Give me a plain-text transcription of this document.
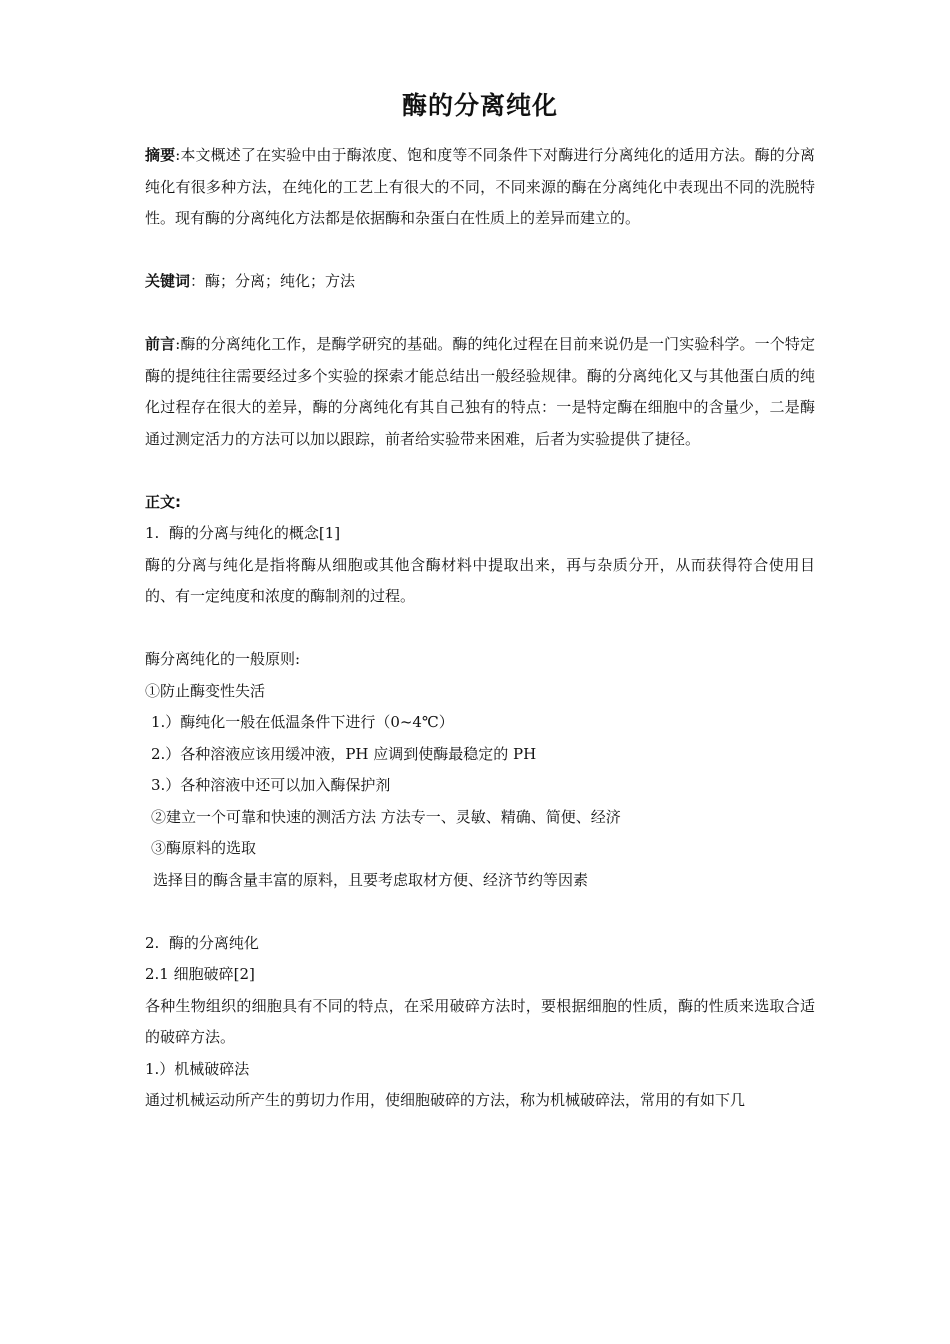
酶的分离纯化

摘要:本文概述了在实验中由于酶浓度、饱和度等不同条件下对酶进行分离纯化的适用方法。酶的分离纯化有很多种方法，在纯化的工艺上有很大的不同，不同来源的酶在分离纯化中表现出不同的洗脱特性。现有酶的分离纯化方法都是依据酶和杂蛋白在性质上的差异而建立的。

关键词：酶；分离；纯化；方法

前言:酶的分离纯化工作，是酶学研究的基础。酶的纯化过程在目前来说仍是一门实验科学。一个特定酶的提纯往往需要经过多个实验的探索才能总结出一般经验规律。酶的分离纯化又与其他蛋白质的纯化过程存在很大的差异，酶的分离纯化有其自己独有的特点：一是特定酶在细胞中的含量少，二是酶通过测定活力的方法可以加以跟踪，前者给实验带来困难，后者为实验提供了捷径。

正文:

1.  酶的分离与纯化的概念[1]

酶的分离与纯化是指将酶从细胞或其他含酶材料中提取出来，再与杂质分开，从而获得符合使用目的、有一定纯度和浓度的酶制剂的过程。

酶分离纯化的一般原则:

①防止酶变性失活

1.）酶纯化一般在低温条件下进行（0~4℃）

2.）各种溶液应该用缓冲液，PH 应调到使酶最稳定的 PH

3.）各种溶液中还可以加入酶保护剂

②建立一个可靠和快速的测活方法 方法专一、灵敏、精确、简便、经济

③酶原料的选取

选择目的酶含量丰富的原料，且要考虑取材方便、经济节约等因素

2.  酶的分离纯化

2.1 细胞破碎[2]

各种生物组织的细胞具有不同的特点，在采用破碎方法时，要根据细胞的性质，酶的性质来选取合适的破碎方法。

1.）机械破碎法

通过机械运动所产生的剪切力作用，使细胞破碎的方法，称为机械破碎法，常用的有如下几
